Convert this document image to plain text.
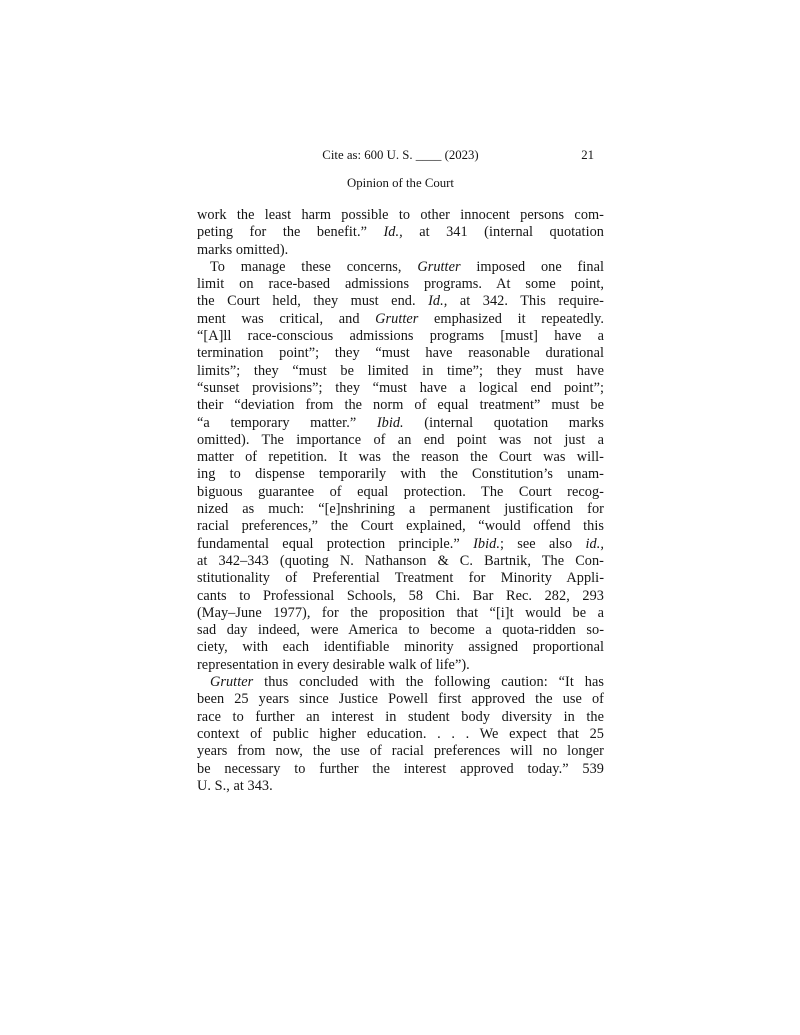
Cite as: 600 U. S. ____ (2023)	21
Opinion of the Court
work the least harm possible to other innocent persons com-
peting for the benefit.” Id., at 341 (internal quotation
marks omitted).
To manage these concerns, Grutter imposed one final
limit on race-based admissions programs. At some point,
the Court held, they must end. Id., at 342. This require-
ment was critical, and Grutter emphasized it repeatedly.
“[A]ll race-conscious admissions programs [must] have a
termination point”; they “must have reasonable durational
limits”; they “must be limited in time”; they must have
“sunset provisions”; they “must have a logical end point”;
their “deviation from the norm of equal treatment” must be
“a temporary matter.” Ibid. (internal quotation marks
omitted). The importance of an end point was not just a
matter of repetition. It was the reason the Court was will-
ing to dispense temporarily with the Constitution’s unam-
biguous guarantee of equal protection. The Court recog-
nized as much: “[e]nshrining a permanent justification for
racial preferences,” the Court explained, “would offend this
fundamental equal protection principle.” Ibid.; see also id.,
at 342–343 (quoting N. Nathanson & C. Bartnik, The Con-
stitutionality of Preferential Treatment for Minority Appli-
cants to Professional Schools, 58 Chi. Bar Rec. 282, 293
(May–June 1977), for the proposition that “[i]t would be a
sad day indeed, were America to become a quota-ridden so-
ciety, with each identifiable minority assigned proportional
representation in every desirable walk of life”).
Grutter thus concluded with the following caution: “It has
been 25 years since Justice Powell first approved the use of
race to further an interest in student body diversity in the
context of public higher education. . . . We expect that 25
years from now, the use of racial preferences will no longer
be necessary to further the interest approved today.” 539
U. S., at 343.
